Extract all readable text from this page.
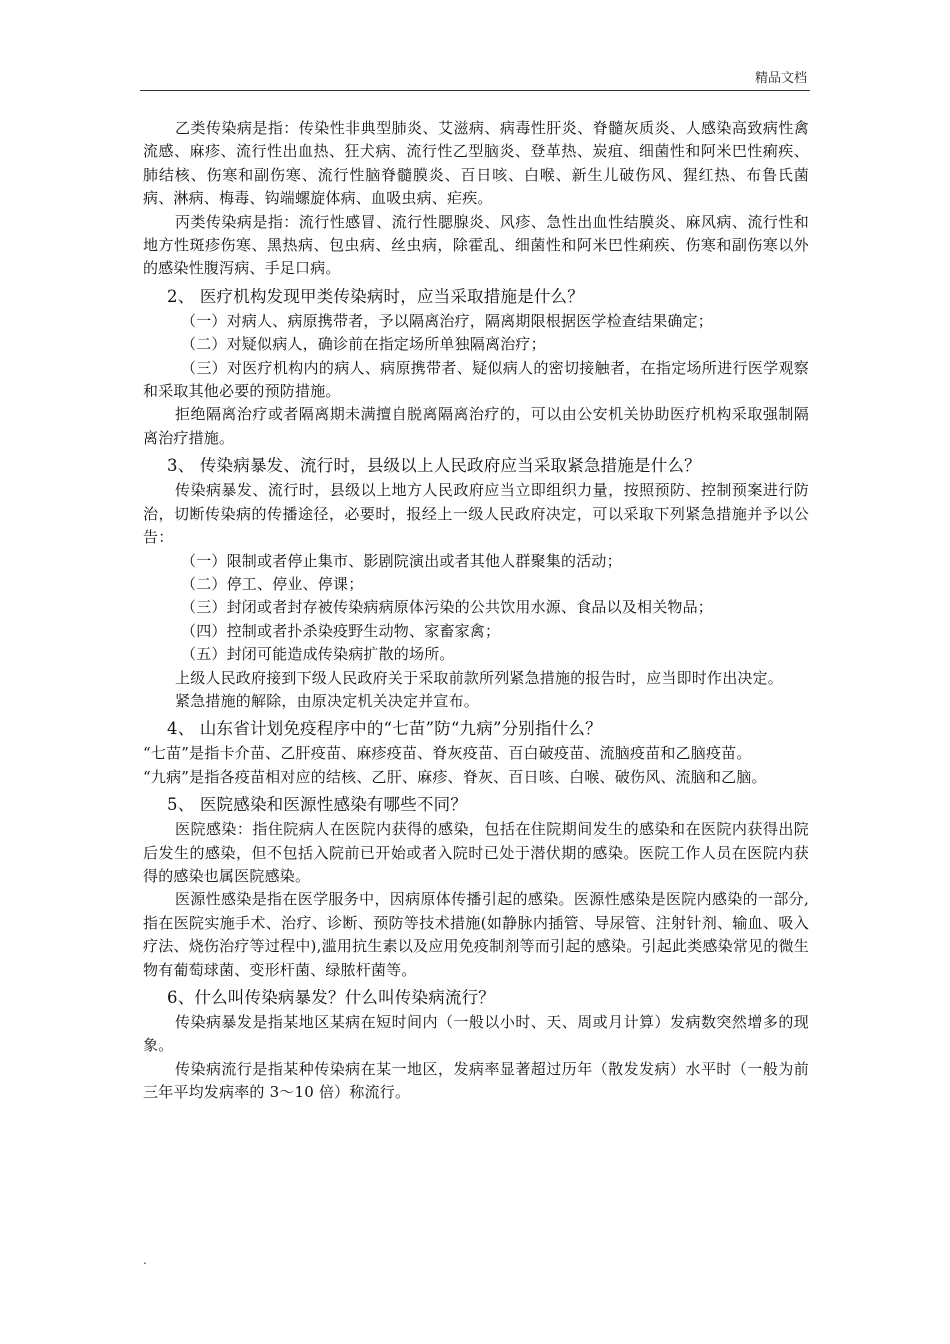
精品文档

乙类传染病是指：传染性非典型肺炎、艾滋病、病毒性肝炎、脊髓灰质炎、人感染高致病性禽流感、麻疹、流行性出血热、狂犬病、流行性乙型脑炎、登革热、炭疽、细菌性和阿米巴性痢疾、肺结核、伤寒和副伤寒、流行性脑脊髓膜炎、百日咳、白喉、新生儿破伤风、猩红热、布鲁氏菌病、淋病、梅毒、钩端螺旋体病、血吸虫病、疟疾。

丙类传染病是指：流行性感冒、流行性腮腺炎、风疹、急性出血性结膜炎、麻风病、流行性和地方性斑疹伤寒、黑热病、包虫病、丝虫病，除霍乱、细菌性和阿米巴性痢疾、伤寒和副伤寒以外的感染性腹泻病、手足口病。

2、 医疗机构发现甲类传染病时，应当采取措施是什么？

（一）对病人、病原携带者，予以隔离治疗，隔离期限根据医学检查结果确定；

（二）对疑似病人，确诊前在指定场所单独隔离治疗；

（三）对医疗机构内的病人、病原携带者、疑似病人的密切接触者，在指定场所进行医学观察和采取其他必要的预防措施。

拒绝隔离治疗或者隔离期未满擅自脱离隔离治疗的，可以由公安机关协助医疗机构采取强制隔离治疗措施。

3、 传染病暴发、流行时，县级以上人民政府应当采取紧急措施是什么？

传染病暴发、流行时，县级以上地方人民政府应当立即组织力量，按照预防、控制预案进行防治，切断传染病的传播途径，必要时，报经上一级人民政府决定，可以采取下列紧急措施并予以公告：

（一）限制或者停止集市、影剧院演出或者其他人群聚集的活动；

（二）停工、停业、停课；

（三）封闭或者封存被传染病病原体污染的公共饮用水源、食品以及相关物品；

（四）控制或者扑杀染疫野生动物、家畜家禽；

（五）封闭可能造成传染病扩散的场所。

上级人民政府接到下级人民政府关于采取前款所列紧急措施的报告时，应当即时作出决定。

紧急措施的解除，由原决定机关决定并宣布。

4、 山东省计划免疫程序中的“七苗”防“九病”分别指什么？

“七苗”是指卡介苗、乙肝疫苗、麻疹疫苗、脊灰疫苗、百白破疫苗、流脑疫苗和乙脑疫苗。

“九病”是指各疫苗相对应的结核、乙肝、麻疹、脊灰、百日咳、白喉、破伤风、流脑和乙脑。

5、 医院感染和医源性感染有哪些不同？

医院感染：指住院病人在医院内获得的感染，包括在住院期间发生的感染和在医院内获得出院后发生的感染，但不包括入院前已开始或者入院时已处于潜伏期的感染。医院工作人员在医院内获得的感染也属医院感染。

医源性感染是指在医学服务中，因病原体传播引起的感染。医源性感染是医院内感染的一部分,指在医院实施手术、治疗、诊断、预防等技术措施(如静脉内插管、导尿管、注射针剂、输血、吸入疗法、烧伤治疗等过程中),滥用抗生素以及应用免疫制剂等而引起的感染。引起此类感染常见的微生物有葡萄球菌、变形杆菌、绿脓杆菌等。

6、什么叫传染病暴发？什么叫传染病流行？

传染病暴发是指某地区某病在短时间内（一般以小时、天、周或月计算）发病数突然增多的现象。

传染病流行是指某种传染病在某一地区，发病率显著超过历年（散发发病）水平时（一般为前三年平均发病率的 3～10 倍）称流行。

.
